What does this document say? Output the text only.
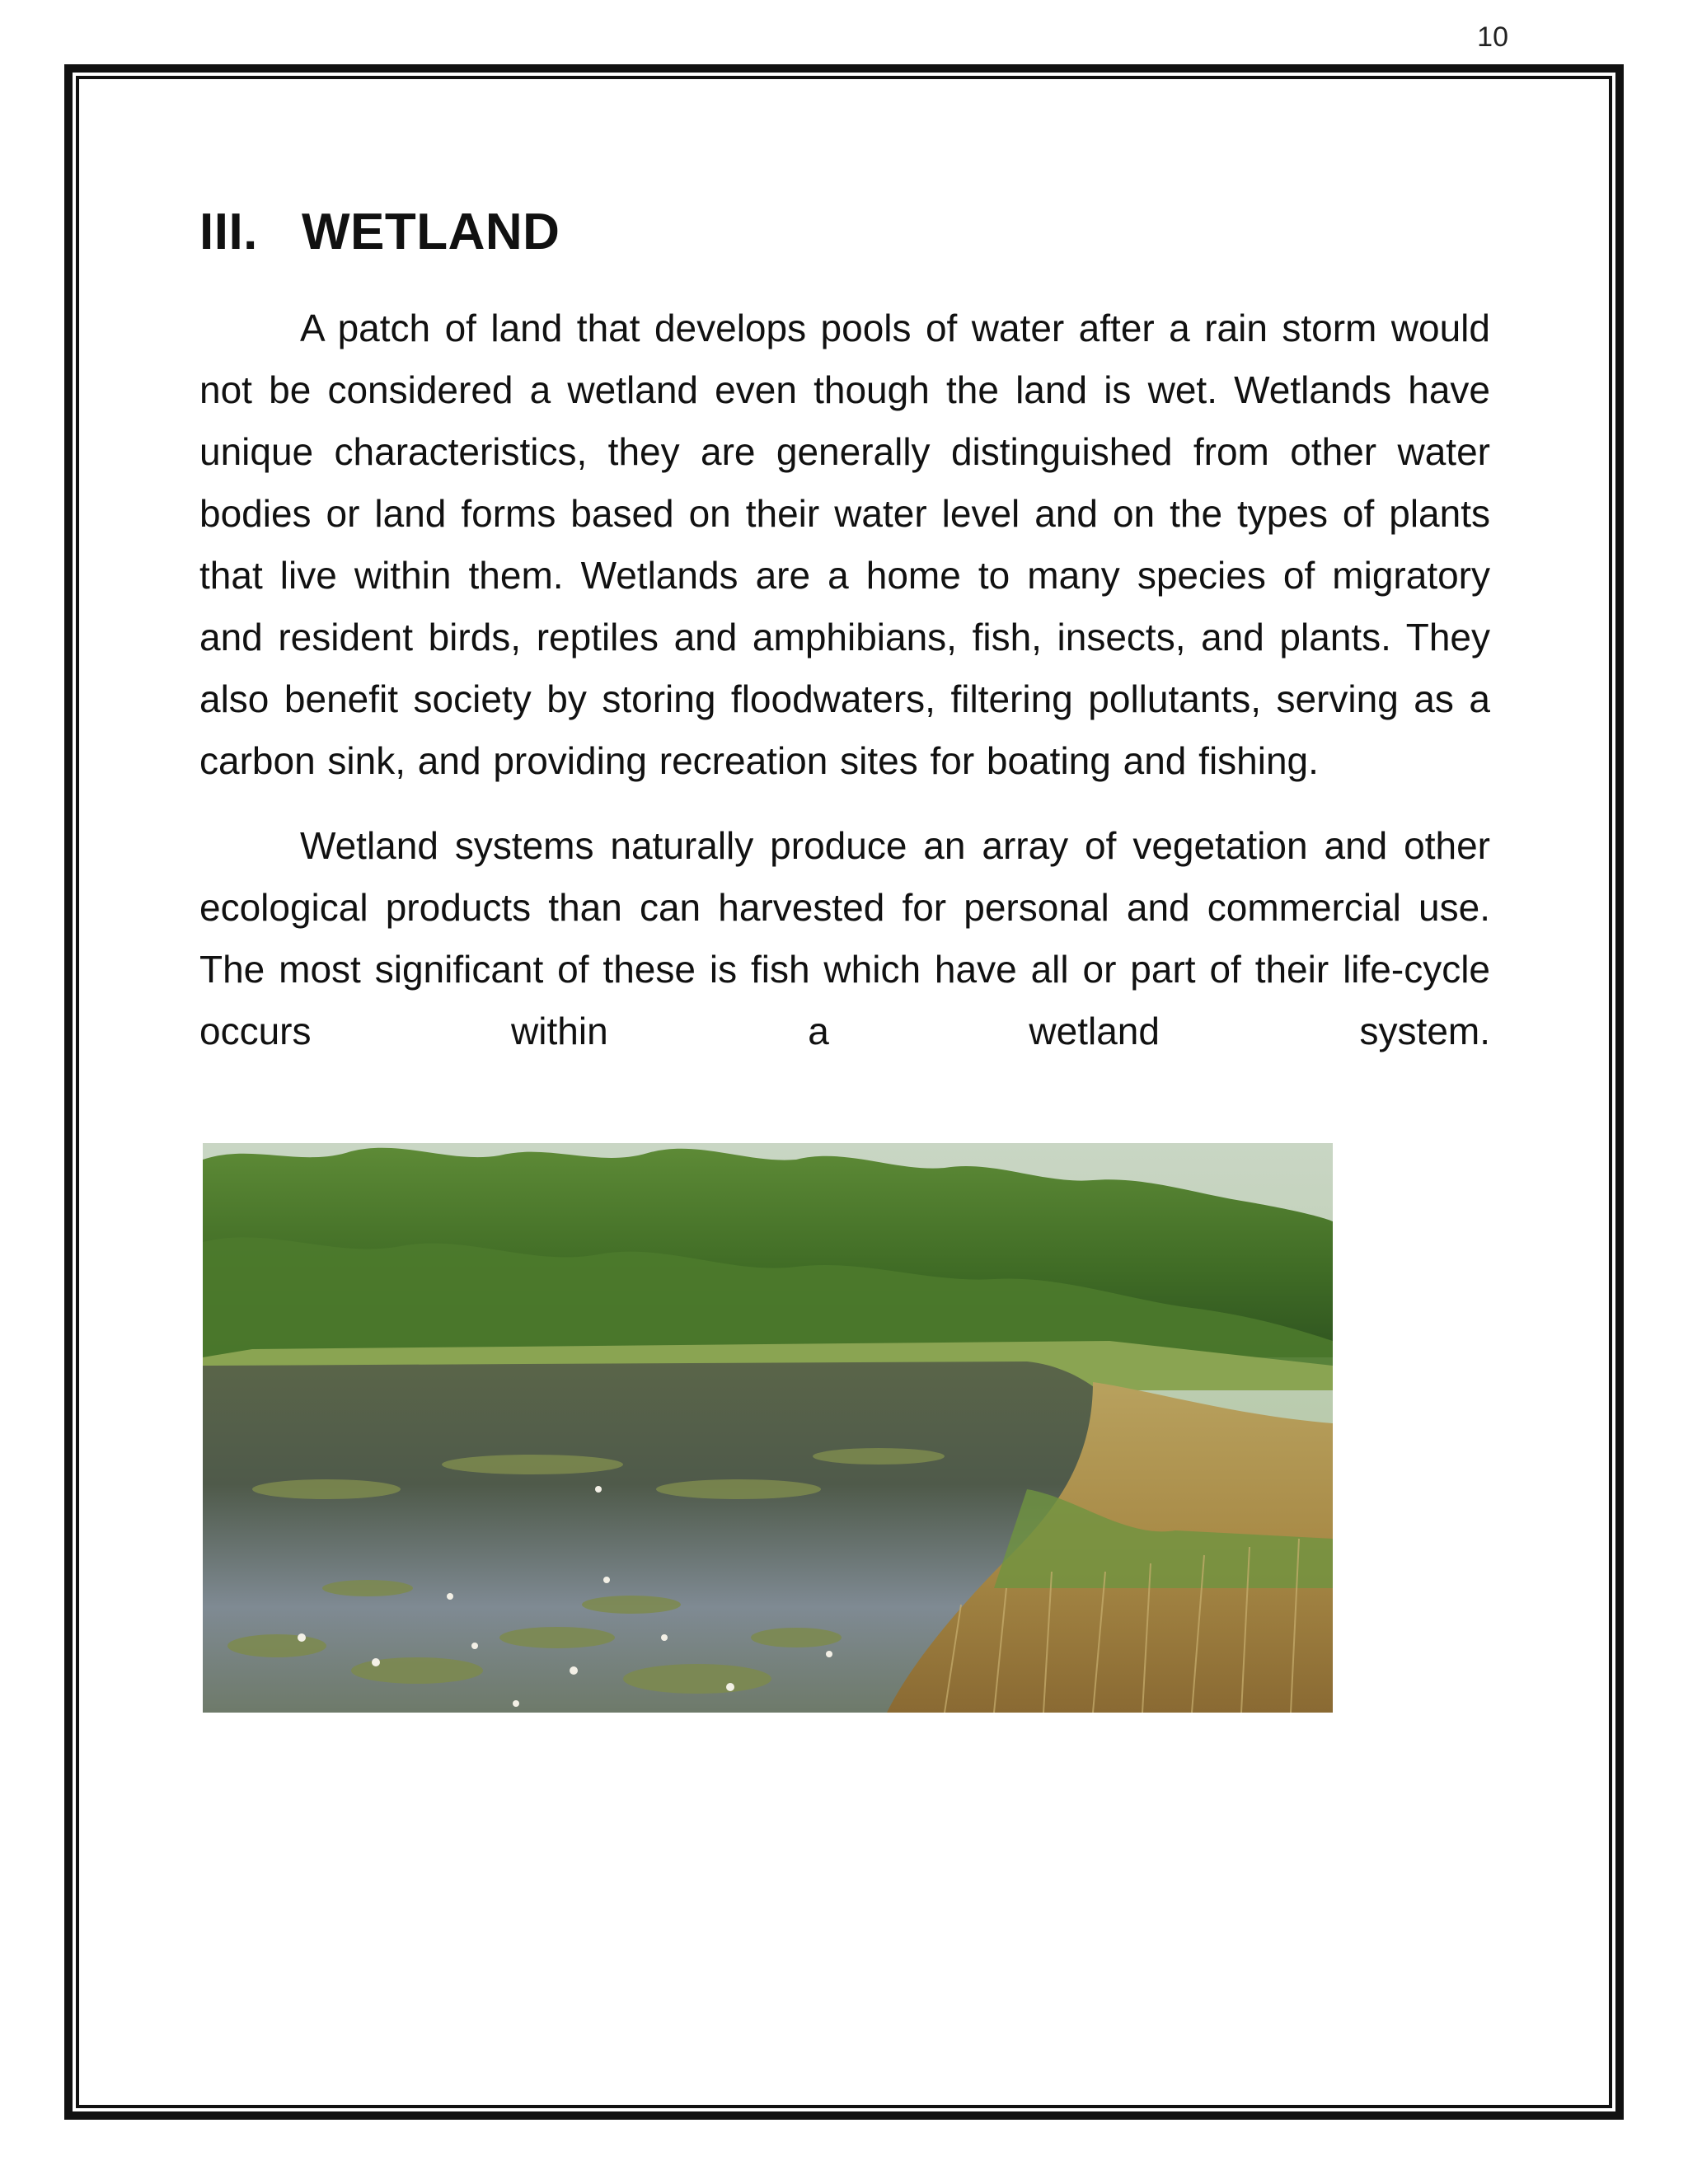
10
III. WETLAND

A patch of land that develops pools of water after a rain storm would not be considered a wetland even though the land is wet. Wetlands have unique characteristics, they are generally distinguished from other water bodies or land forms based on their water level and on the types of plants that live within them. Wetlands are a home to many species of migratory and resident birds, reptiles and amphibians, fish, insects, and plants. They also benefit society by storing floodwaters, filtering pollutants, serving as a carbon sink, and providing recreation sites for boating and fishing.

Wetland systems naturally produce an array of vegetation and other ecological products than can harvested for personal and commercial use. The most significant of these is fish which have all or part of their life-cycle occurs within a wetland system.
